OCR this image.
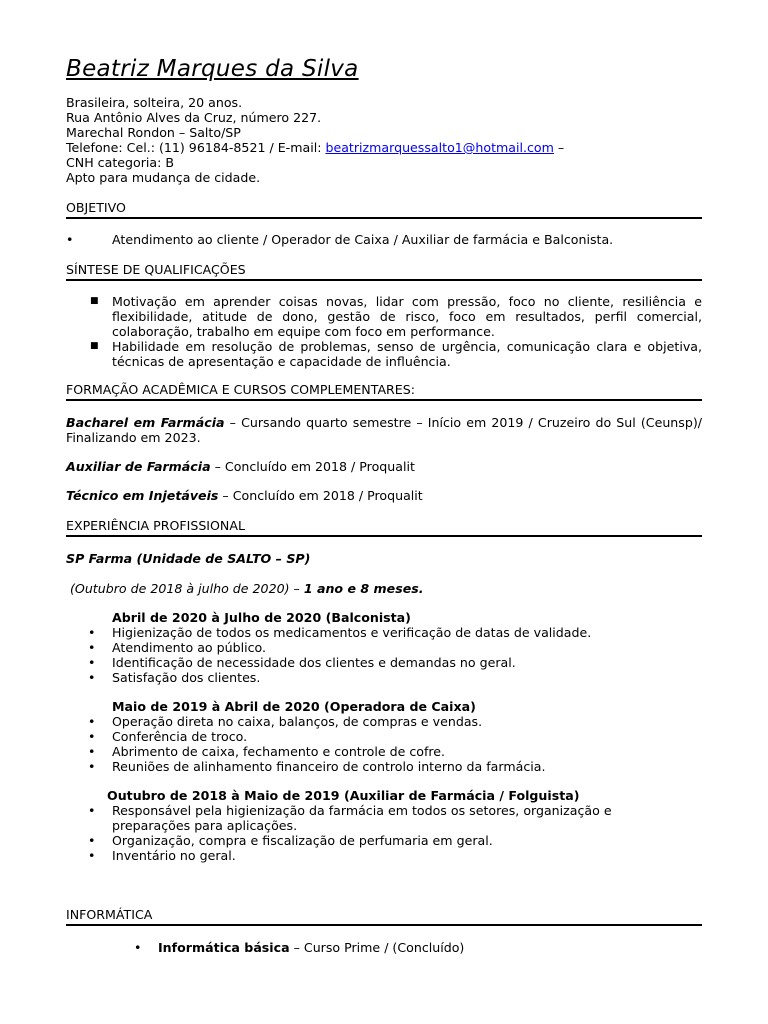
Beatriz Marques da Silva
Brasileira, solteira, 20 anos.
Rua Antônio Alves da Cruz, número 227.
Marechal Rondon – Salto/SP
Telefone: Cel.: (11) 96184-8521 / E-mail: beatrizmarquessalto1@hotmail.com –
CNH categoria: B
Apto para mudança de cidade.
OBJETIVO
•	Atendimento ao cliente / Operador de Caixa / Auxiliar de farmácia e Balconista.
SÍNTESE DE QUALIFICAÇÕES
■ Motivação em aprender coisas novas, lidar com pressão, foco no cliente, resiliência e flexibilidade, atitude de dono, gestão de risco, foco em resultados, perfil comercial, colaboração, trabalho em equipe com foco em performance.
■ Habilidade em resolução de problemas, senso de urgência, comunicação clara e objetiva, técnicas de apresentação e capacidade de influência.
FORMAÇÃO ACADÊMICA E CURSOS COMPLEMENTARES:
Bacharel em Farmácia – Cursando quarto semestre – Início em 2019 / Cruzeiro do Sul (Ceunsp)/ Finalizando em 2023.
Auxiliar de Farmácia – Concluído em 2018 / Proqualit
Técnico em Injetáveis – Concluído em 2018 / Proqualit
EXPERIÊNCIA PROFISSIONAL
SP Farma (Unidade de SALTO – SP)
(Outubro de 2018 à julho de 2020) – 1 ano e 8 meses.
Abril de 2020 à Julho de 2020 (Balconista)
• Higienização de todos os medicamentos e verificação de datas de validade.
• Atendimento ao público.
• Identificação de necessidade dos clientes e demandas no geral.
• Satisfação dos clientes.
Maio de 2019 à Abril de 2020 (Operadora de Caixa)
• Operação direta no caixa, balanços, de compras e vendas.
• Conferência de troco.
• Abrimento de caixa, fechamento e controle de cofre.
• Reuniões de alinhamento financeiro de controlo interno da farmácia.
Outubro de 2018 à Maio de 2019 (Auxiliar de Farmácia / Folguista)
• Responsável pela higienização da farmácia em todos os setores, organização e preparações para aplicações.
• Organização, compra e fiscalização de perfumaria em geral.
• Inventário no geral.
INFORMÁTICA
• Informática básica – Curso Prime / (Concluído)
